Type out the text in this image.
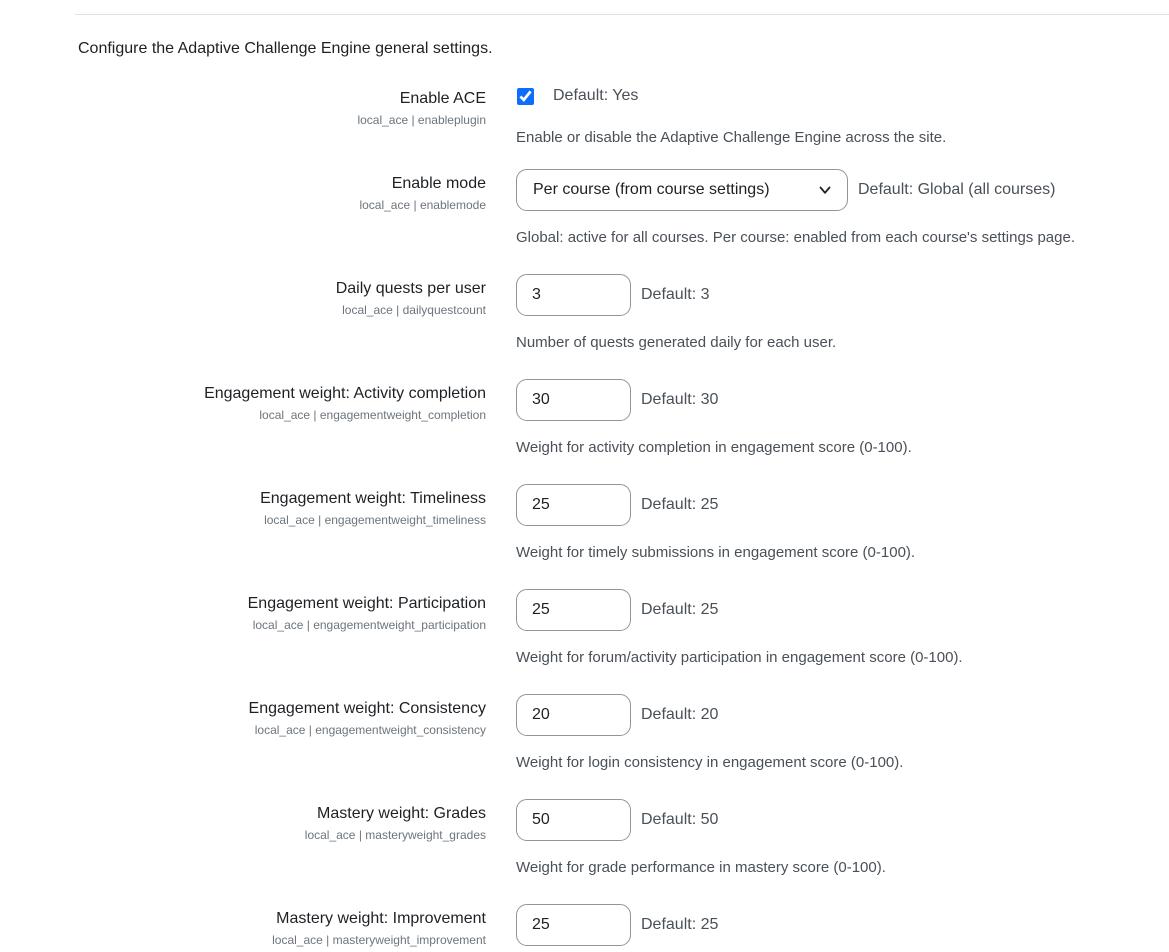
Configure the Adaptive Challenge Engine general settings.

Enable ACE
local_ace | enableplugin
Default: Yes
Enable or disable the Adaptive Challenge Engine across the site.
Enable mode
local_ace | enablemode
Per course (from course settings)	Default: Global (all courses)
Global: active for all courses. Per course: enabled from each course's settings page.
Daily quests per user
local_ace | dailyquestcount
3
Default: 3
Number of quests generated daily for each user.
Engagement weight: Activity completion
local_ace | engagementweight_completion
30
Default: 30
Weight for activity completion in engagement score (0-100).
Engagement weight: Timeliness
local_ace | engagementweight_timeliness
25
Default: 25
Weight for timely submissions in engagement score (0-100).
Engagement weight: Participation
local_ace | engagementweight_participation
25
Default: 25
Weight for forum/activity participation in engagement score (0-100).
Engagement weight: Consistency
local_ace | engagementweight_consistency
20
Default: 20
Weight for login consistency in engagement score (0-100).
Mastery weight: Grades
local_ace | masteryweight_grades
50
Default: 50
Weight for grade performance in mastery score (0-100).
Mastery weight: Improvement
local_ace | masteryweight_improvement
25
Default: 25
